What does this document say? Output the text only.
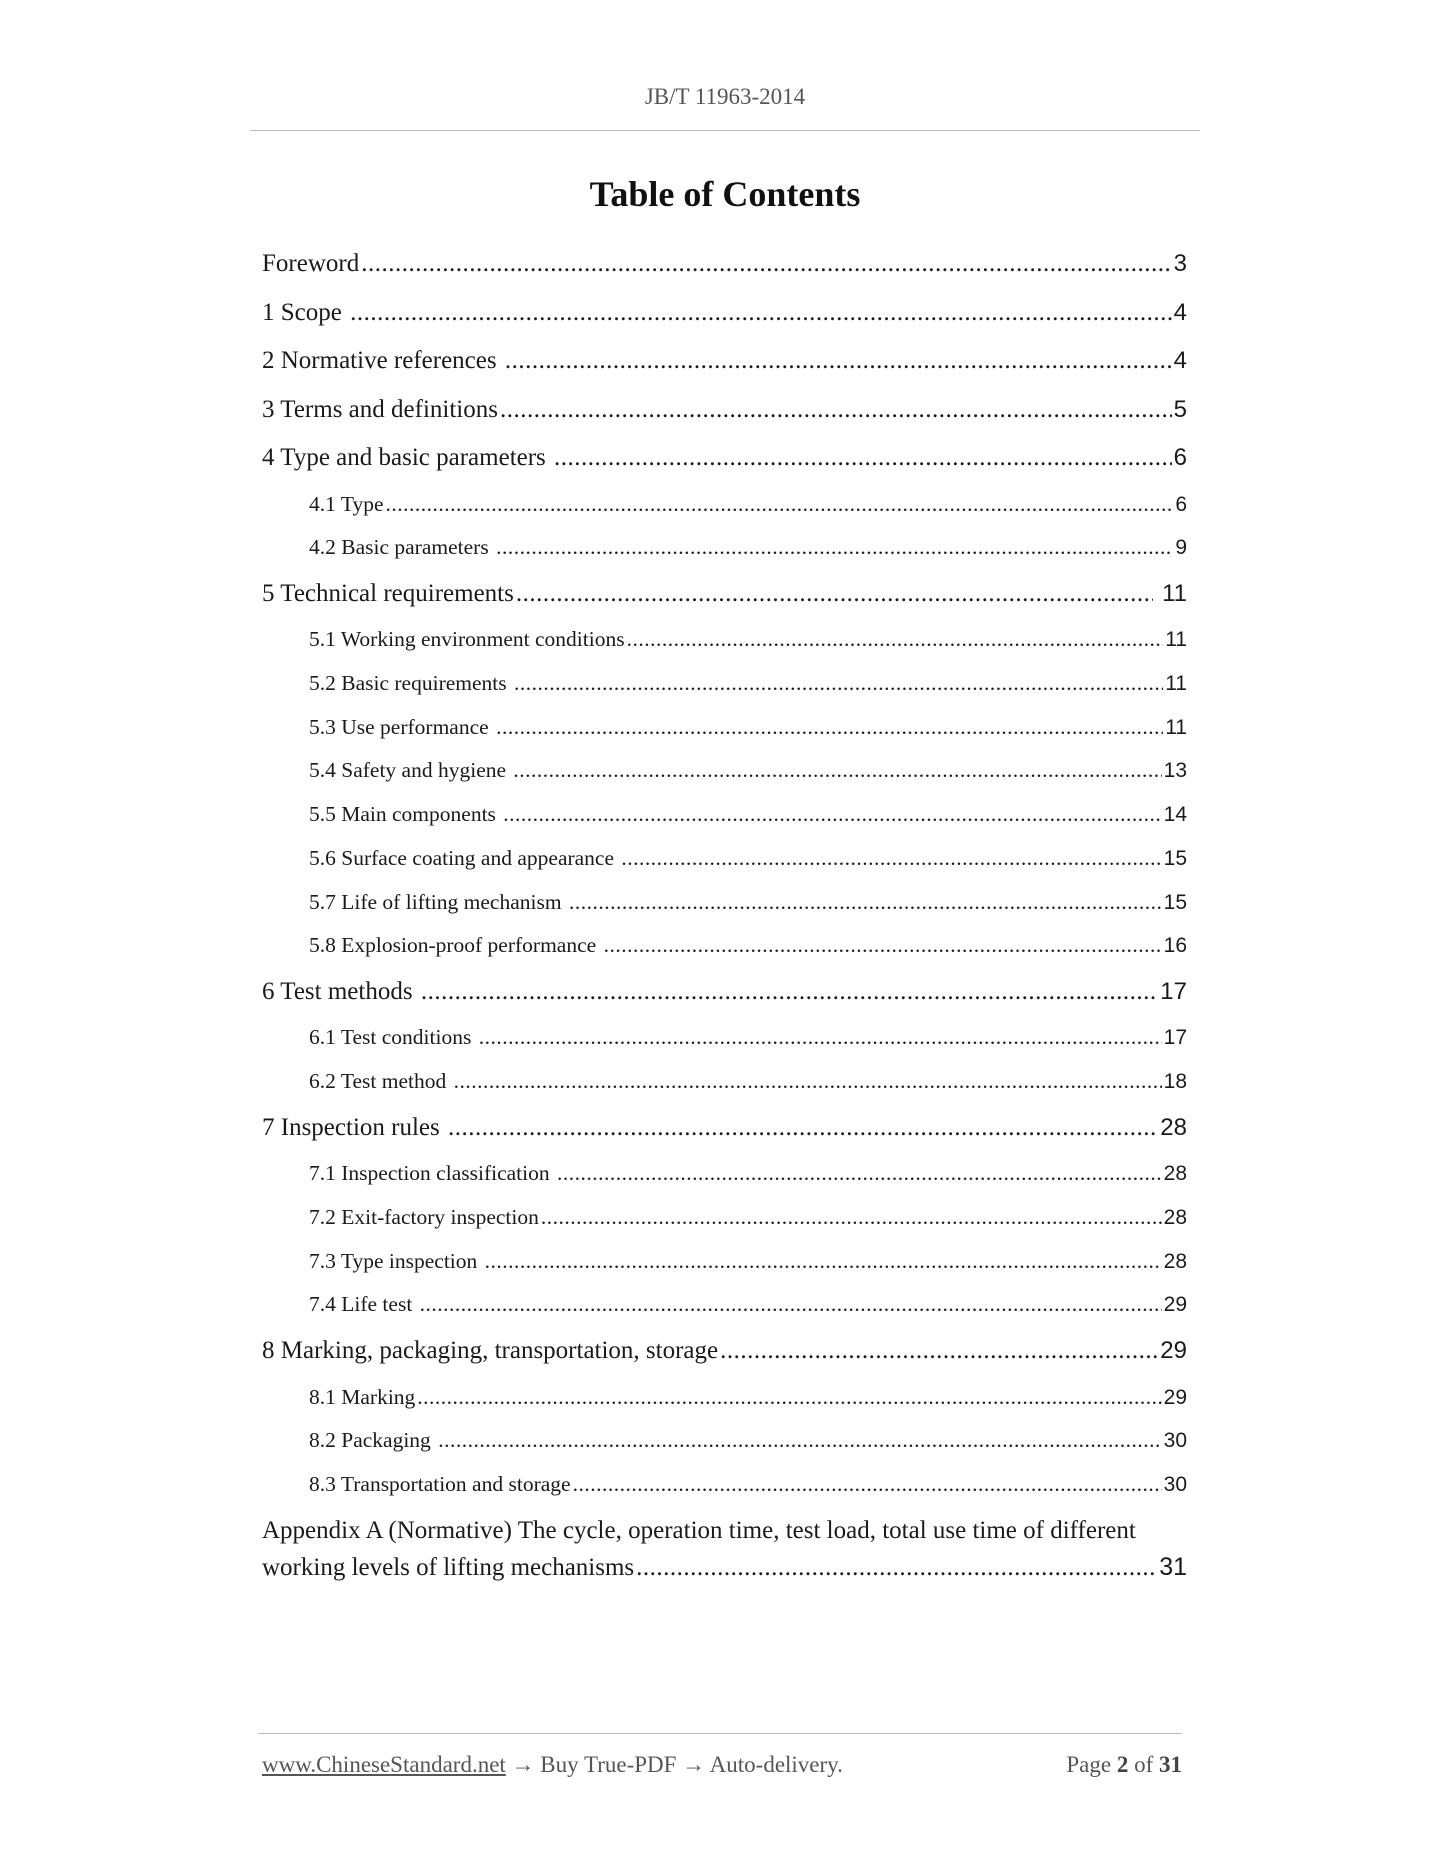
JB/T 11963-2014
Table of Contents
Foreword .....	3
1 Scope .....	4
2 Normative references .....	4
3 Terms and definitions .....	5
4 Type and basic parameters .....	6
4.1 Type .....	6
4.2 Basic parameters .....	9
5 Technical requirements .....	11
5.1 Working environment conditions .....	11
5.2 Basic requirements .....	11
5.3 Use performance .....	11
5.4 Safety and hygiene .....	13
5.5 Main components .....	14
5.6 Surface coating and appearance .....	15
5.7 Life of lifting mechanism .....	15
5.8 Explosion-proof performance .....	16
6 Test methods .....	17
6.1 Test conditions .....	17
6.2 Test method .....	18
7 Inspection rules .....	28
7.1 Inspection classification .....	28
7.2 Exit-factory inspection .....	28
7.3 Type inspection .....	28
7.4 Life test .....	29
8 Marking, packaging, transportation, storage .....	29
8.1 Marking .....	29
8.2 Packaging .....	30
8.3 Transportation and storage .....	30
Appendix A (Normative) The cycle, operation time, test load, total use time of different
working levels of lifting mechanisms .....	31
www.ChineseStandard.net → Buy True-PDF → Auto-delivery.	Page 2 of 31
